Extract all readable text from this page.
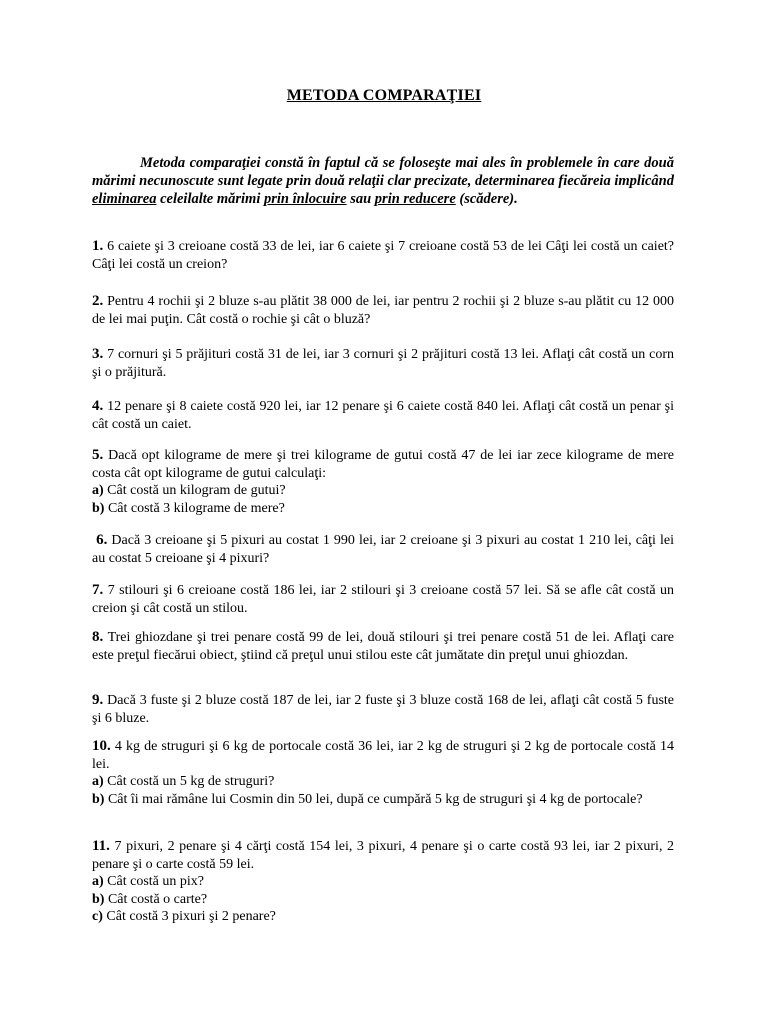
METODA COMPARAŢIEI
Metoda comparaţiei constă în faptul că se foloseşte mai ales în problemele în care două mărimi necunoscute sunt legate prin două relaţii clar precizate, determinarea fiecăreia implicând eliminarea celeilalte mărimi prin înlocuire sau prin reducere (scădere).
1. 6 caiete şi 3 creioane costă 33 de lei, iar 6 caiete şi 7 creioane costă 53 de lei Câţi lei costă un caiet? Câţi lei costă un creion?
2. Pentru 4 rochii şi 2 bluze s-au plătit 38 000 de lei, iar pentru 2 rochii şi 2 bluze s-au plătit cu 12 000 de lei mai puţin. Cât costă o rochie şi cât o bluză?
3. 7 cornuri şi 5 prăjituri costă 31 de lei, iar 3 cornuri şi 2 prăjituri costă 13 lei. Aflaţi cât costă un corn şi o prăjitură.
4. 12 penare şi 8 caiete costă 920 lei, iar 12 penare şi 6 caiete costă 840 lei. Aflaţi cât costă un penar şi cât costă un caiet.
5. Dacă opt kilograme de mere şi trei kilograme de gutui costă 47 de lei iar zece kilograme de mere costa cât opt kilograme de gutui calculaţi:
a) Cât costă un kilogram de gutui?
b) Cât costă 3 kilograme de mere?
6. Dacă 3 creioane şi 5 pixuri au costat 1 990 lei, iar 2 creioane şi 3 pixuri au costat 1 210 lei, câţi lei au costat 5 creioane şi 4 pixuri?
7. 7 stilouri şi 6 creioane costă 186 lei, iar 2 stilouri şi 3 creioane costă 57 lei. Să se afle cât costă un creion şi cât costă un stilou.
8. Trei ghiozdane şi trei penare costă 99 de lei, două stilouri şi trei penare costă 51 de lei. Aflaţi care este preţul fiecărui obiect, ştiind că preţul unui stilou este cât jumătate din preţul unui ghiozdan.
9. Dacă 3 fuste şi 2 bluze costă 187 de lei, iar 2 fuste şi 3 bluze costă 168 de lei, aflaţi cât costă 5 fuste şi 6 bluze.
10. 4 kg de struguri şi 6 kg de portocale costă 36 lei, iar 2 kg de struguri şi 2 kg de portocale costă 14 lei.
a) Cât costă un 5 kg de struguri?
b) Cât îi mai rămâne lui Cosmin din 50 lei, după ce cumpără 5 kg de struguri şi 4 kg de portocale?
11. 7 pixuri, 2 penare şi 4 cărţi costă 154 lei, 3 pixuri, 4 penare şi o carte costă 93 lei, iar 2 pixuri, 2 penare şi o carte costă 59 lei.
a) Cât costă un pix?
b) Cât costă o carte?
c) Cât costă 3 pixuri şi 2 penare?
